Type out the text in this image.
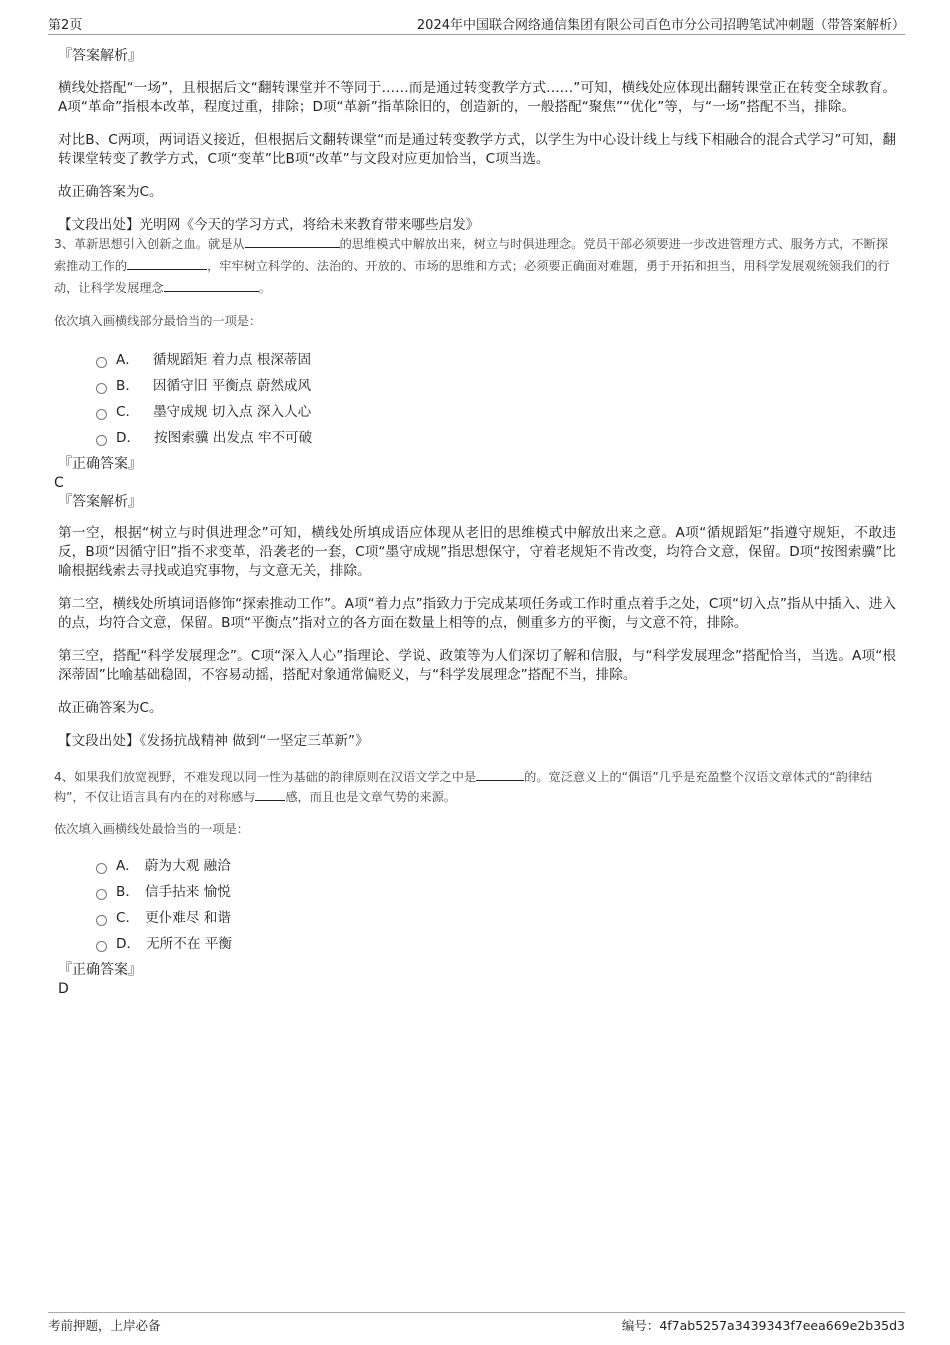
第2页	2024年中国联合网络通信集团有限公司百色市分公司招聘笔试冲刺题（带答案解析）
『答案解析』
横线处搭配“一场”，且根据后文“翻转课堂并不等同于……而是通过转变教学方式……”可知，横线处应体现出翻转课堂正在转变全球教育。A项“革命”指根本改革，程度过重，排除；D项“革新”指革除旧的，创造新的，一般搭配“聚焦”“优化”等，与“一场”搭配不当，排除。
对比B、C两项，两词语义接近，但根据后文翻转课堂“而是通过转变教学方式，以学生为中心设计线上与线下相融合的混合式学习”可知，翻转课堂转变了教学方式，C项“变革”比B项“改革”与文段对应更加恰当，C项当选。
故正确答案为C。
【文段出处】光明网《今天的学习方式，将给未来教育带来哪些启发》
3、革新思想引入创新之血。就是从	的思维模式中解放出来，树立与时俱进理念。党员干部必须要进一步改进管理方式、服务方式，不断探索推动工作的	，牢牢树立科学的、法治的、开放的、市场的思维和方式；必须要正确面对难题，勇于开拓和担当，用科学发展观统领我们的行动，让科学发展理念	。
依次填入画横线部分最恰当的一项是：
A． 循规蹈矩 着力点 根深蒂固
B． 因循守旧 平衡点 蔚然成风
C． 墨守成规 切入点 深入人心
D． 按图索骥 出发点 牢不可破
『正确答案』
C
『答案解析』
第一空，根据“树立与时俱进理念”可知，横线处所填成语应体现从老旧的思维模式中解放出来之意。A项“循规蹈矩”指遵守规矩，不敢违反，B项“因循守旧”指不求变革，沿袭老的一套，C项“墨守成规”指思想保守，守着老规矩不肯改变，均符合文意，保留。D项“按图索骥”比喻根据线索去寻找或追究事物，与文意无关，排除。
第二空，横线处所填词语修饰“探索推动工作”。A项“着力点”指致力于完成某项任务或工作时重点着手之处，C项“切入点”指从中插入、进入的点，均符合文意，保留。B项“平衡点”指对立的各方面在数量上相等的点，侧重多方的平衡，与文意不符，排除。
第三空，搭配“科学发展理念”。C项“深入人心”指理论、学说、政策等为人们深切了解和信服，与“科学发展理念”搭配恰当，当选。A项“根深蒂固”比喻基础稳固，不容易动摇，搭配对象通常偏贬义，与“科学发展理念”搭配不当，排除。
故正确答案为C。
【文段出处】《发扬抗战精神 做到“一坚定三革新”》
4、如果我们放宽视野，不难发现以同一性为基础的韵律原则在汉语文学之中是	的。宽泛意义上的“偶语”几乎是充盈整个汉语文章体式的“韵律结构”，不仅让语言具有内在的对称感与 感，而且也是文章气势的来源。
依次填入画横线处最恰当的一项是：
A． 蔚为大观 融洽
B． 信手拈来 愉悦
C． 更仆难尽 和谐
D． 无所不在 平衡
『正确答案』
D
考前押题，上岸必备	编号：4f7ab5257a3439343f7eea669e2b35d3
